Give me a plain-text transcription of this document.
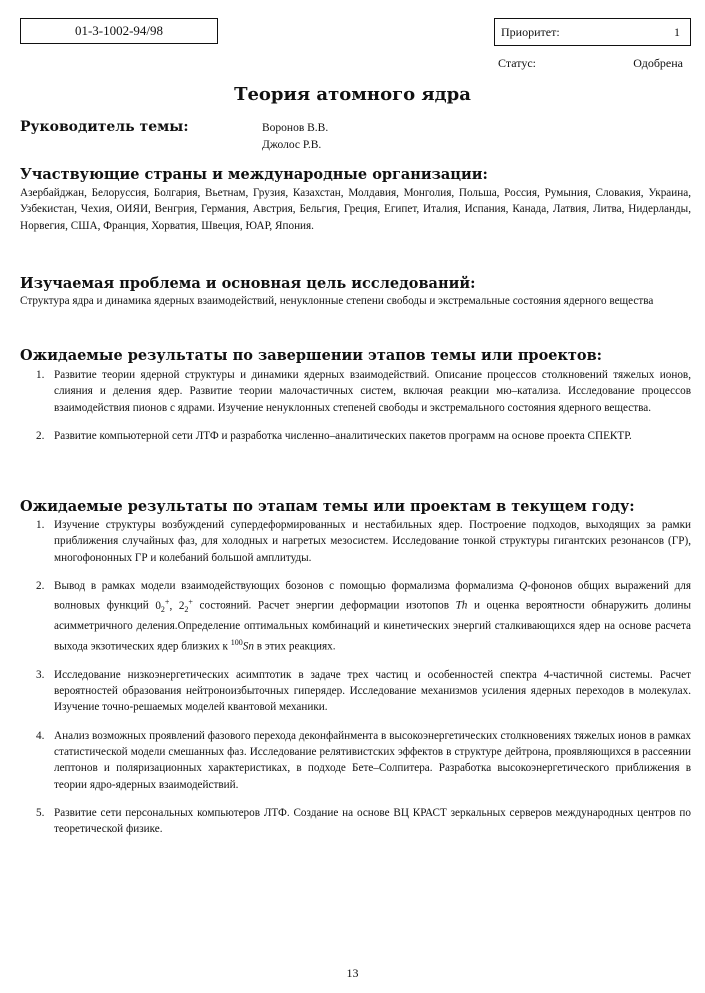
01-3-1002-94/98	Приоритет:	1
Статус:	Одобрена
Теория атомного ядра
Руководитель темы:	Воронов В.В.
Джолос Р.В.
Участвующие страны и международные организации:
Азербайджан, Белоруссия, Болгария, Вьетнам, Грузия, Казахстан, Молдавия, Монголия, Польша, Россия, Румыния, Словакия, Украина, Узбекистан, Чехия, ОИЯИ, Венгрия, Германия, Австрия, Бельгия, Греция, Египет, Италия, Испания, Канада, Латвия, Литва, Нидерланды, Норвегия, США, Франция, Хорватия, Швеция, ЮАР, Япония.
Изучаемая проблема и основная цель исследований:
Структура ядра и динамика ядерных взаимодействий, ненуклонные степени свободы и экстремальные состояния ядерного вещества
Ожидаемые результаты по завершении этапов темы или проектов:
1. Развитие теории ядерной структуры и динамики ядерных взаимодействий. Описание процессов столкновений тяжелых ионов, слияния и деления ядер. Развитие теории малочастичных систем, включая реакции мю–катализа. Исследование процессов взаимодействия пионов с ядрами. Изучение ненуклонных степеней свободы и экстремального состояния ядерного вещества.
2. Развитие компьютерной сети ЛТФ и разработка численно–аналитических пакетов программ на основе проекта СПЕКТР.
Ожидаемые результаты по этапам темы или проектам в текущем году:
1. Изучение структуры возбуждений супердеформированных и нестабильных ядер. Построение подходов, выходящих за рамки приближения случайных фаз, для холодных и нагретых мезосистем. Исследование тонкой структуры гигантских резонансов (ГР), многофононных ГР и колебаний большой амплитуды.
2. Вывод в рамках модели взаимодействующих бозонов с помощью формализма формализма Q-фононов общих выражений для волновых функций $0_2^+$, $2_2^+$ состояний. Расчет энергии деформации изотопов Th и оценка вероятности обнаружить долины асимметричного деления.Определение оптимальных комбинаций и кинетических энергий сталкивающихся ядер на основе расчета выхода экзотических ядер близких к $^{100}$Sn в этих реакциях.
3. Исследование низкоэнергетических асимптотик в задаче трех частиц и особенностей спектра 4-частичной системы. Расчет вероятностей образования нейтроноизбыточных гиперядер. Исследование механизмов усиления ядерных переходов в молекулах. Изучение точно-решаемых моделей квантовой механики.
4. Анализ возможных проявлений фазового перехода деконфайнмента в высокоэнергетических столкновениях тяжелых ионов в рамках статистической модели смешанных фаз. Исследование релятивистских эффектов в структуре дейтрона, проявляющихся в рассеянии лептонов и поляризационных характеристиках, в подходе Бете–Солпитера. Разработка высокоэнергетического приближения в теории ядро-ядерных взаимодействий.
5. Развитие сети персональных компьютеров ЛТФ. Создание на основе ВЦ КРАСТ зеркальных серверов международных центров по теоретической физике.
13
